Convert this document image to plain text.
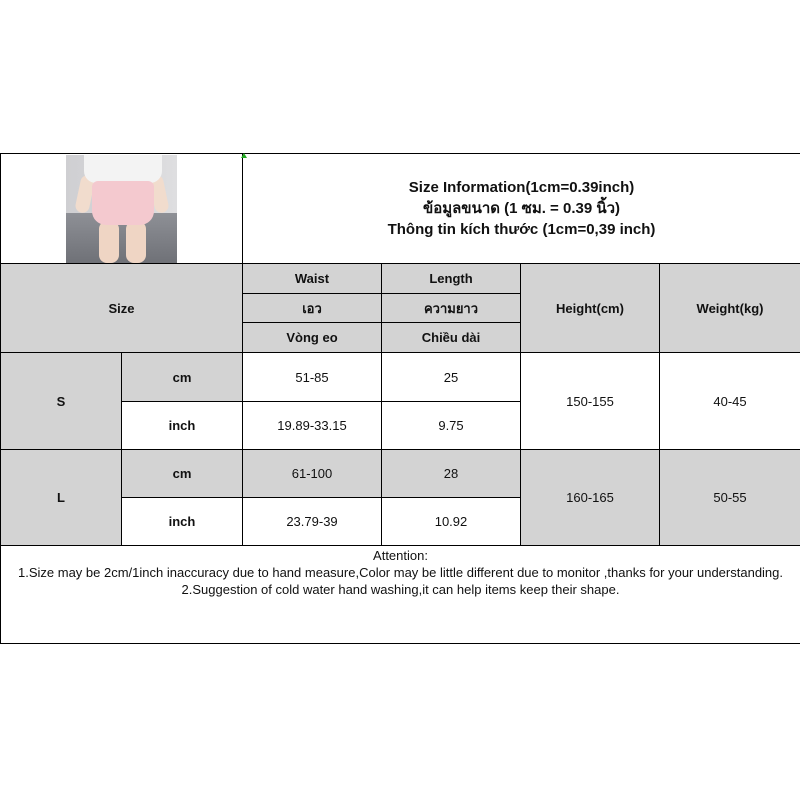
		Size Information(1cm=0.39inch)
ข้อมูลขนาด (1 ซม. = 0.39 นิ้ว)
Thông tin kích thước (1cm=0,39 inch)			

Size		Waist	Length	Height(cm)	Weight(kg)
		เอว	ความยาว		
		Vòng eo	Chiều dài		
S	cm	51-85	25	150-155	40-45
	inch	19.89-33.15	9.75		
L	cm	61-100	28	160-165	50-55
	inch	23.79-39	10.92		

Attention:
1.Size may be 2cm/1inch inaccuracy due to hand measure,Color may be little different due to monitor ,thanks for your understanding.
2.Suggestion of cold water hand washing,it can help items keep their shape.					
